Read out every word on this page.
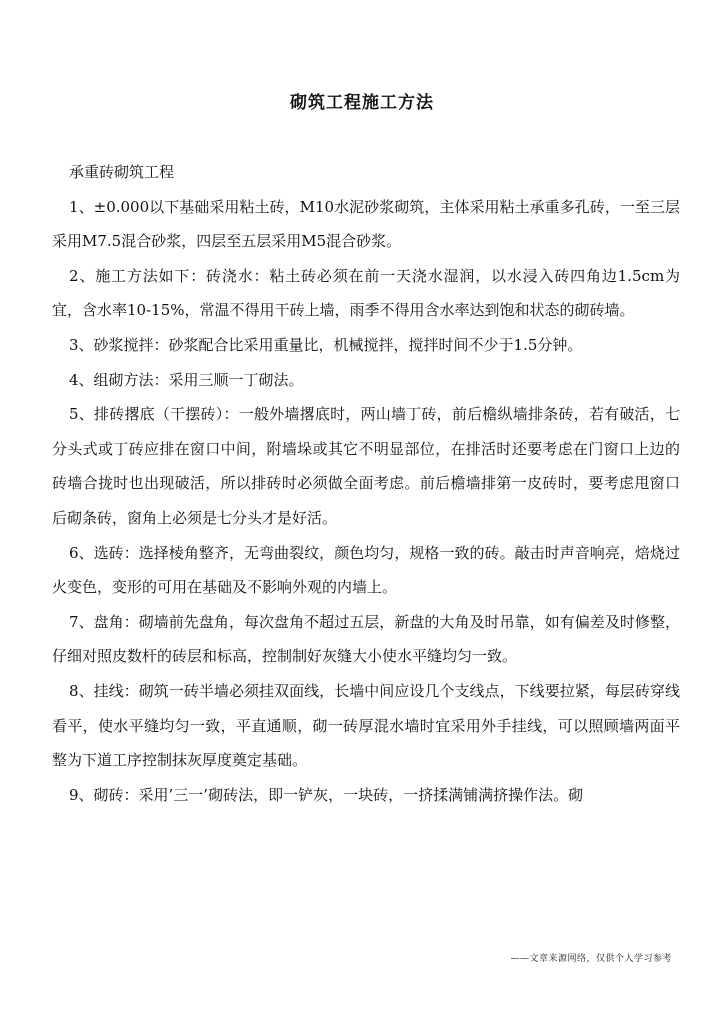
砌筑工程施工方法

承重砖砌筑工程

1、±0.000以下基础采用粘土砖，M10水泥砂浆砌筑，主体采用粘土承重多孔砖，一至三层采用M7.5混合砂浆，四层至五层采用M5混合砂浆。

2、施工方法如下：砖浇水：粘土砖必须在前一天浇水湿润，以水浸入砖四角边1.5cm为宜，含水率10-15%，常温不得用干砖上墙，雨季不得用含水率达到饱和状态的砌砖墙。

3、砂浆搅拌：砂浆配合比采用重量比，机械搅拌，搅拌时间不少于1.5分钟。

4、组砌方法：采用三顺一丁砌法。

5、排砖撂底（干摆砖）：一般外墙撂底时，两山墙丁砖，前后檐纵墙排条砖，若有破活，七分头式或丁砖应排在窗口中间，附墙垛或其它不明显部位，在排活时还要考虑在门窗口上边的砖墙合拢时也出现破活，所以排砖时必须做全面考虑。前后檐墙排第一皮砖时，要考虑甩窗口后砌条砖，窗角上必须是七分头才是好活。

6、选砖：选择棱角整齐，无弯曲裂纹，颜色均匀，规格一致的砖。敲击时声音响亮，焙烧过火变色，变形的可用在基础及不影响外观的内墙上。

7、盘角：砌墙前先盘角，每次盘角不超过五层，新盘的大角及时吊靠，如有偏差及时修整，仔细对照皮数杆的砖层和标高，控制制好灰缝大小使水平缝均匀一致。

8、挂线：砌筑一砖半墙必须挂双面线，长墙中间应设几个支线点，下线要拉紧，每层砖穿线看平，使水平缝均匀一致，平直通顺，砌一砖厚混水墙时宜采用外手挂线，可以照顾墙两面平整为下道工序控制抹灰厚度奠定基础。

9、砌砖：采用’三一’砌砖法，即一铲灰，一块砖，一挤揉满铺满挤操作法。砌

——文章来源网络，仅供个人学习参考
